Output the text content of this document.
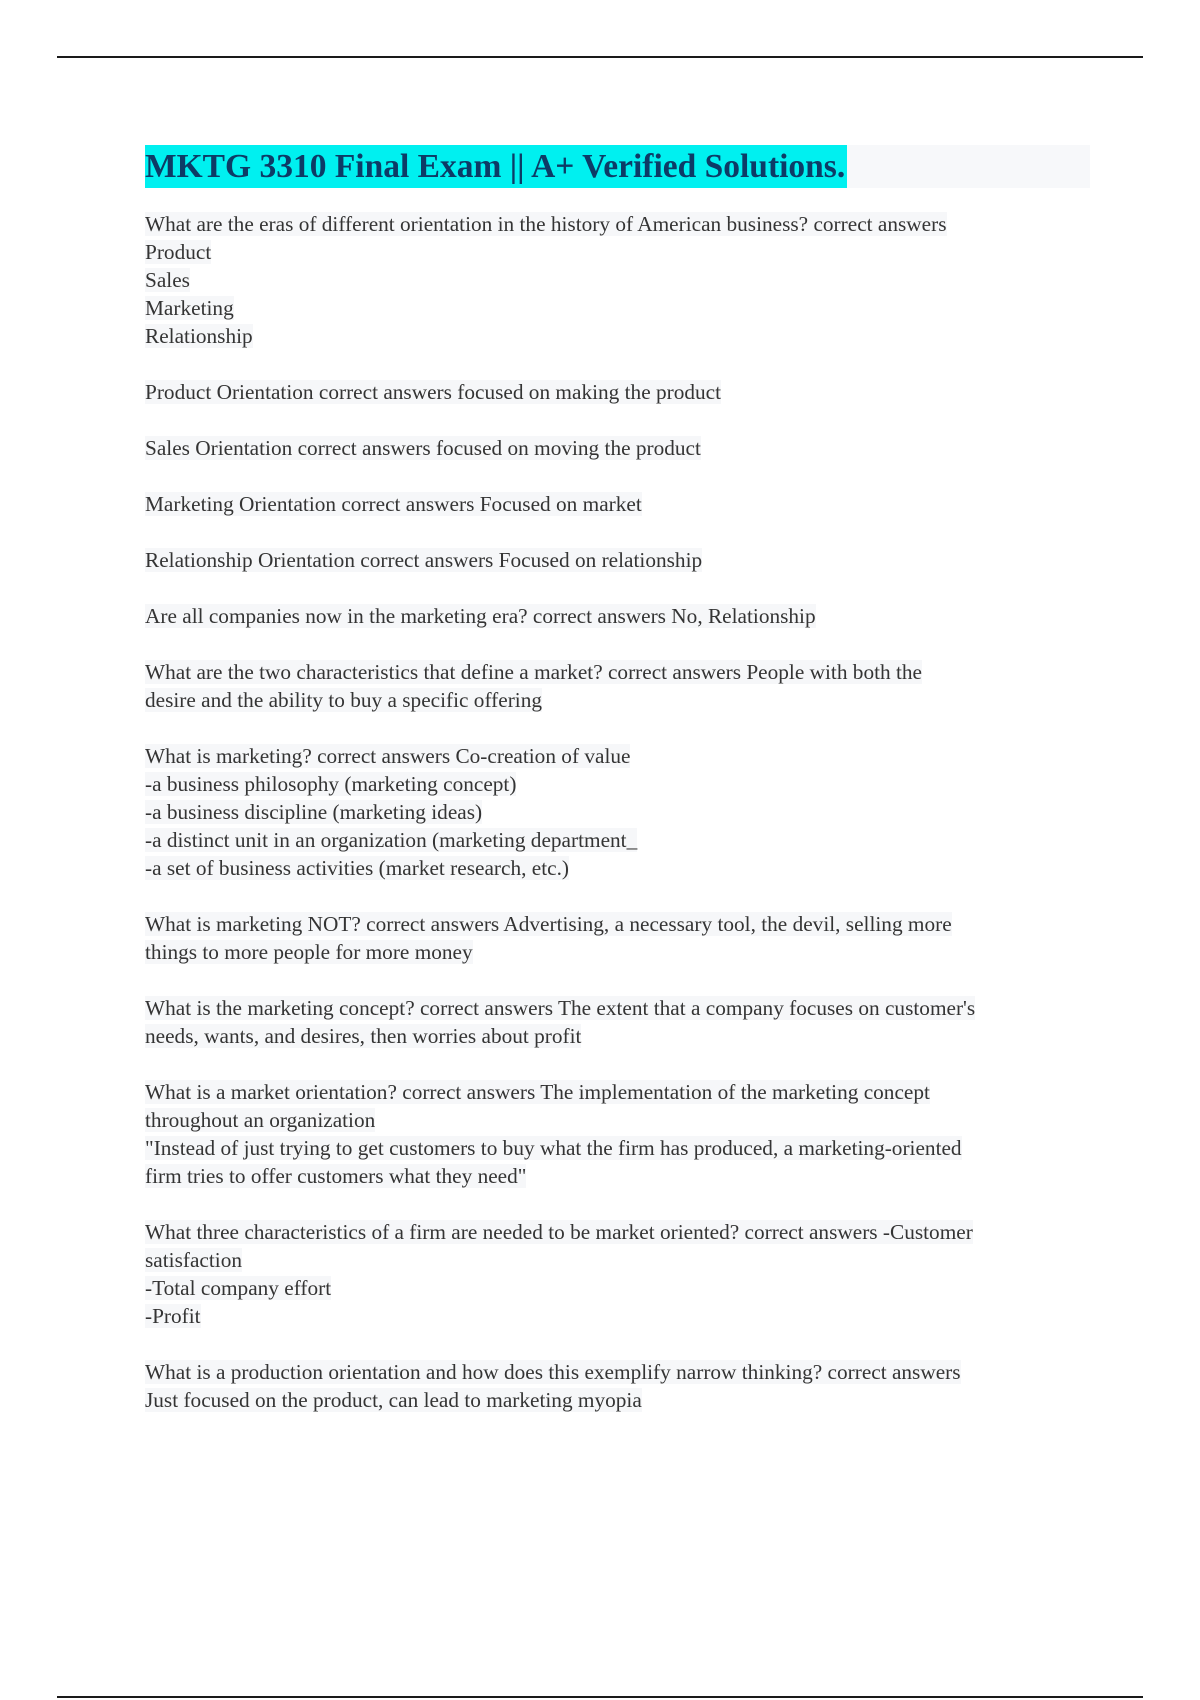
MKTG 3310 Final Exam || A+ Verified Solutions.
What are the eras of different orientation in the history of American business? correct answers
Product
Sales
Marketing
Relationship
Product Orientation correct answers focused on making the product
Sales Orientation correct answers focused on moving the product
Marketing Orientation correct answers Focused on market
Relationship Orientation correct answers Focused on relationship
Are all companies now in the marketing era? correct answers No, Relationship
What are the two characteristics that define a market? correct answers People with both the
desire and the ability to buy a specific offering
What is marketing? correct answers Co-creation of value
-a business philosophy (marketing concept)
-a business discipline (marketing ideas)
-a distinct unit in an organization (marketing department_
-a set of business activities (market research, etc.)
What is marketing NOT? correct answers Advertising, a necessary tool, the devil, selling more
things to more people for more money
What is the marketing concept? correct answers The extent that a company focuses on customer's
needs, wants, and desires, then worries about profit
What is a market orientation? correct answers The implementation of the marketing concept
throughout an organization
"Instead of just trying to get customers to buy what the firm has produced, a marketing-oriented
firm tries to offer customers what they need"
What three characteristics of a firm are needed to be market oriented? correct answers -Customer
satisfaction
-Total company effort
-Profit
What is a production orientation and how does this exemplify narrow thinking? correct answers
Just focused on the product, can lead to marketing myopia
